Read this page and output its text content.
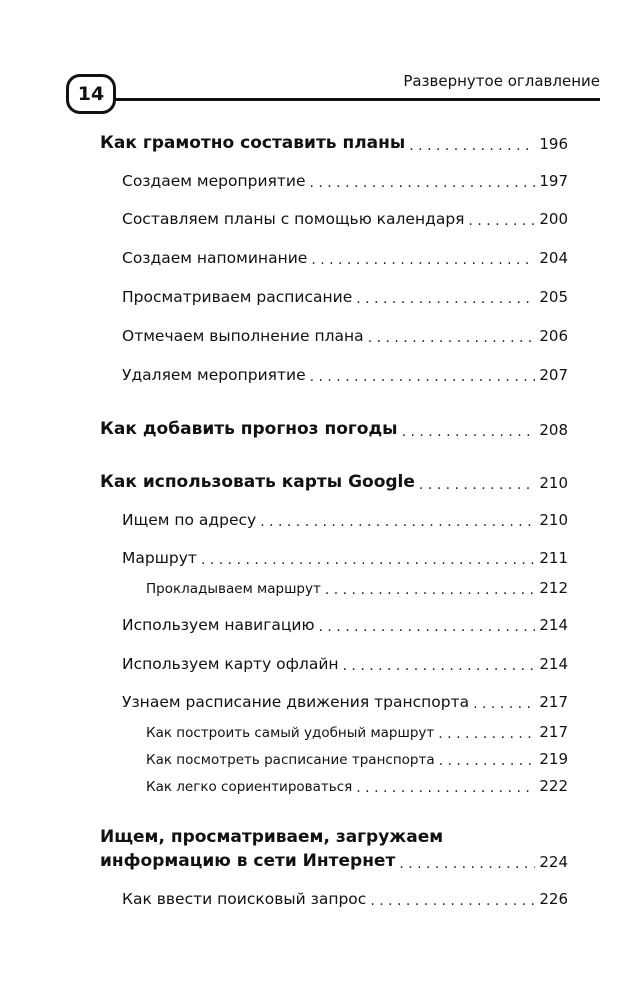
14
Развернутое оглавление
Как грамотно составить планы . . .	196
Создаем мероприятие . . .	197
Составляем планы с помощью календаря . . .	200
Создаем напоминание . . .	204
Просматриваем расписание . . .	205
Отмечаем выполнение плана . . .	206
Удаляем мероприятие . . .	207
Как добавить прогноз погоды . . .	208
Как использовать карты Google . . .	210
Ищем по адресу . . .	210
Маршрут . . .	211
Прокладываем маршрут . . .	212
Используем навигацию . . .	214
Используем карту офлайн . . .	214
Узнаем расписание движения транспорта . . .	217
Как построить самый удобный маршрут . . .	217
Как посмотреть расписание транспорта . . .	219
Как легко сориентироваться . . .	222
Ищем, просматриваем, загружаем
информацию в сети Интернет . . .	224
Как ввести поисковый запрос . . .	226
